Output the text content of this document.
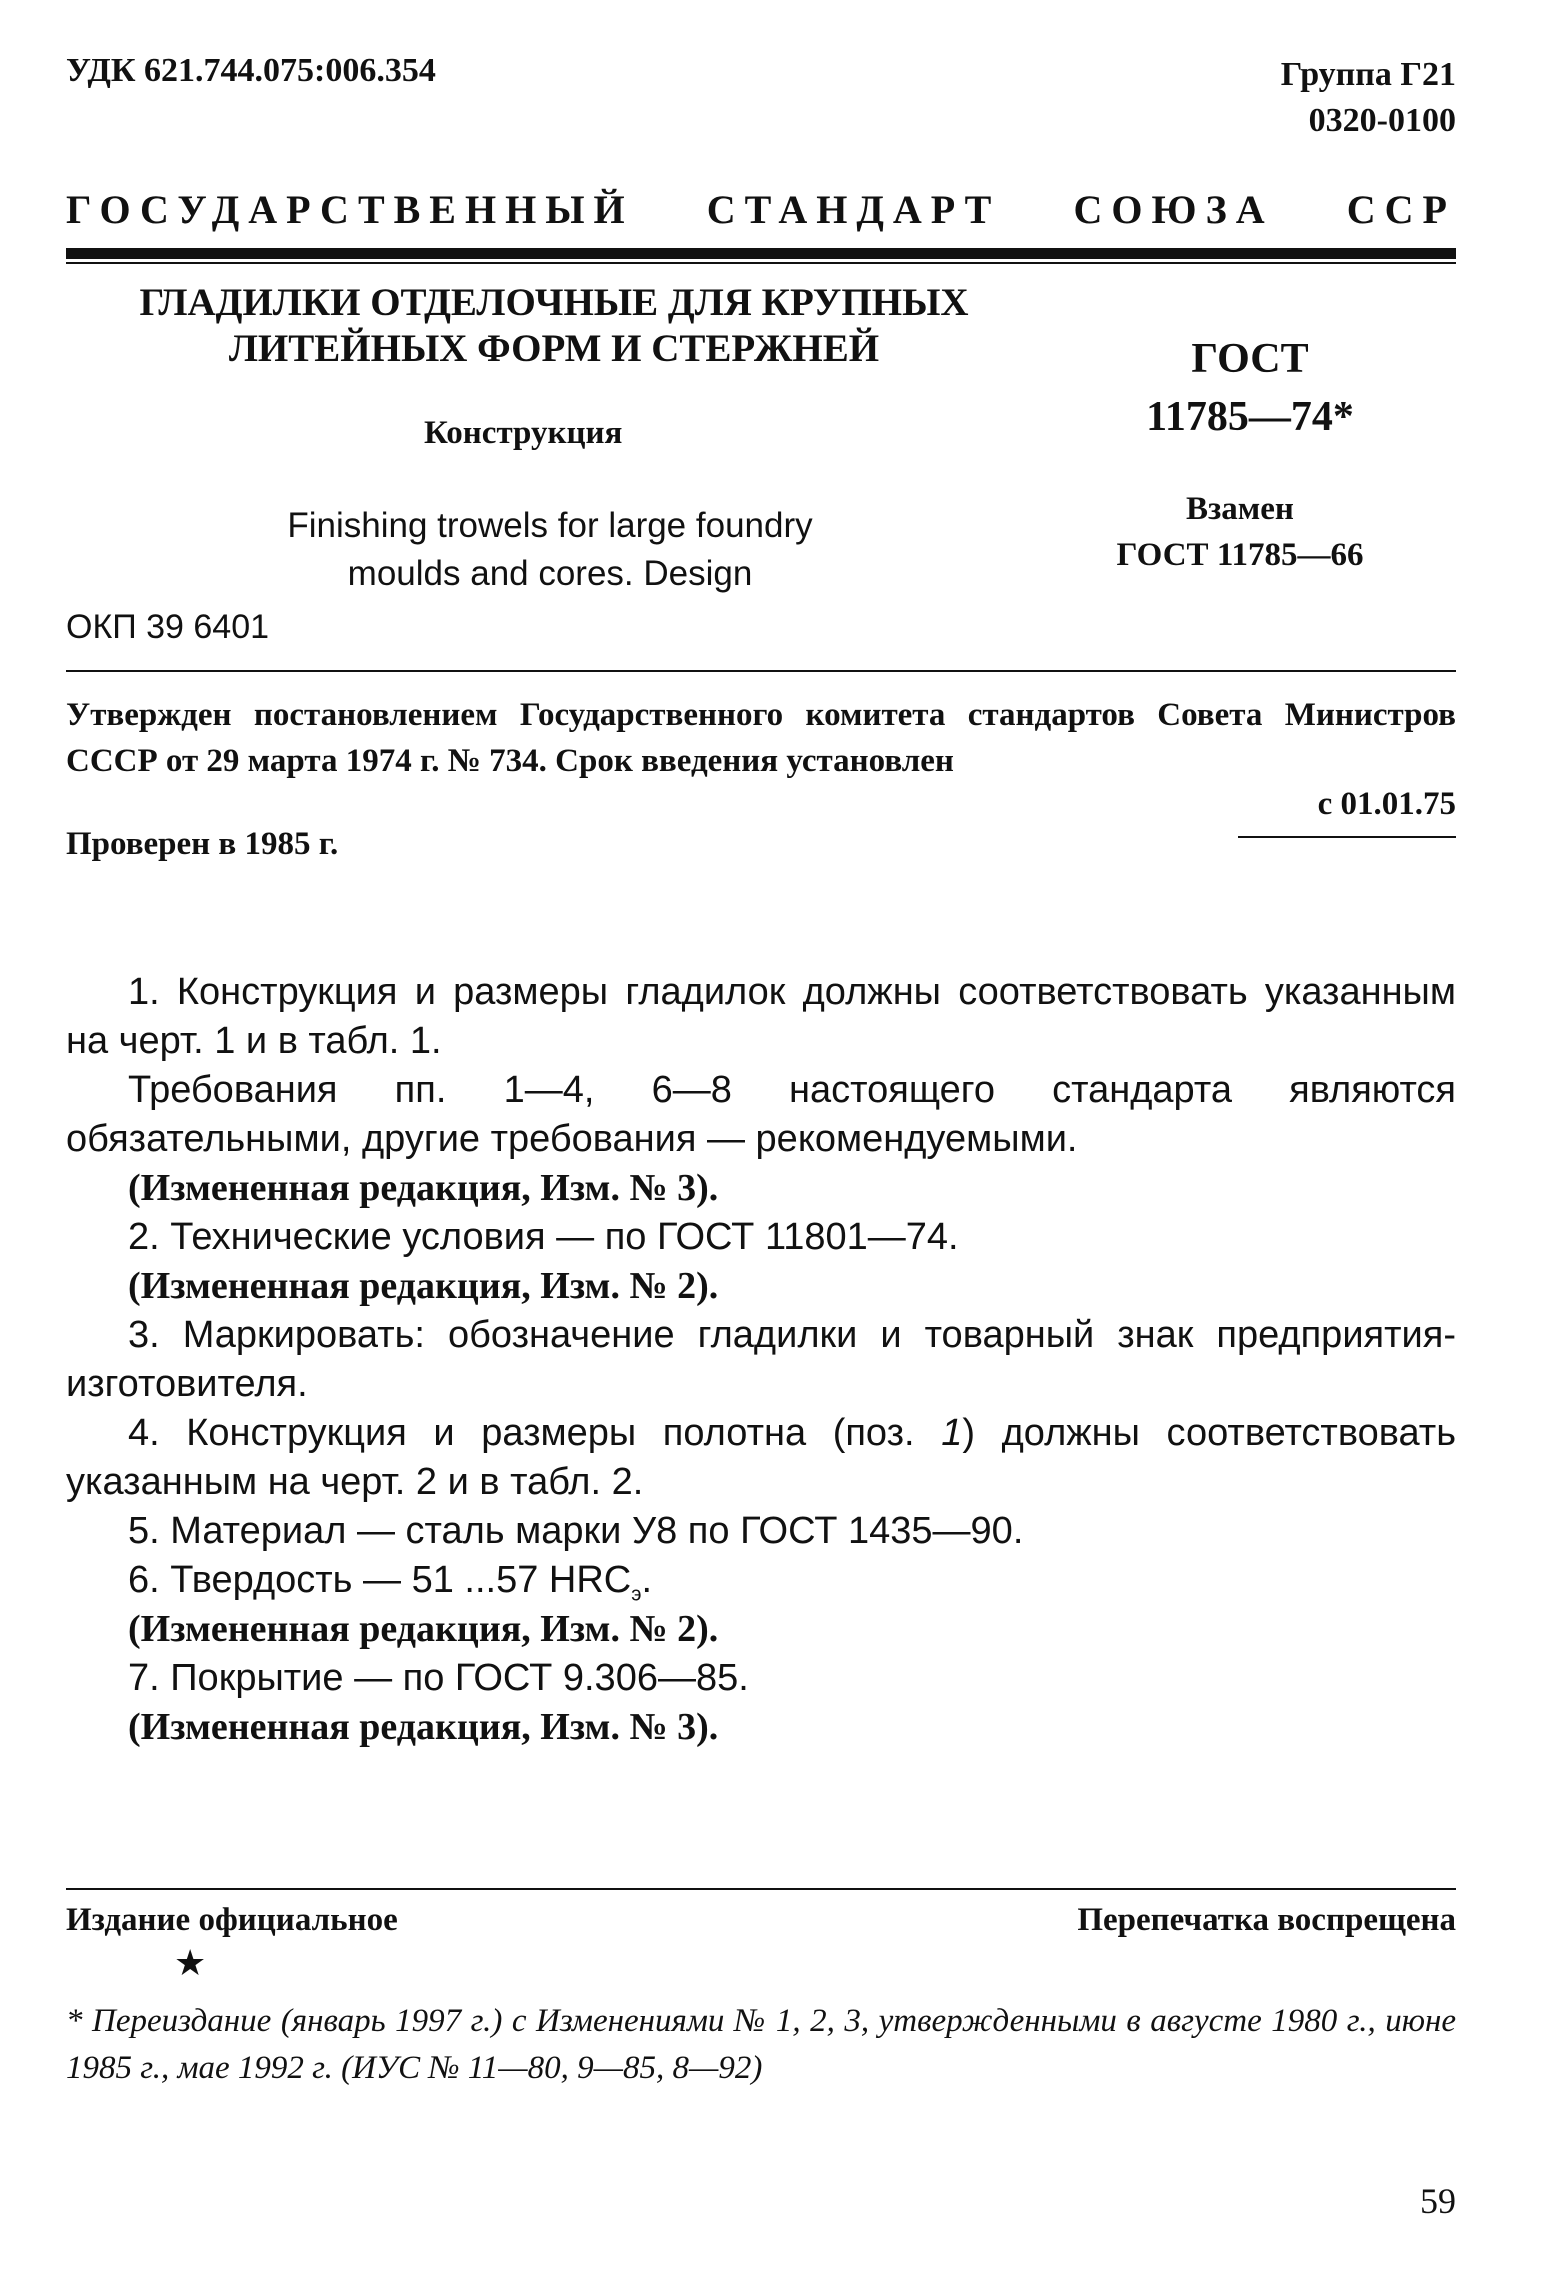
УДК 621.744.075:006.354	Группа Г21
0320-0100
ГОСУДАРСТВЕННЫЙ СТАНДАРТ СОЮЗА ССР
ГЛАДИЛКИ ОТДЕЛОЧНЫЕ ДЛЯ КРУПНЫХ
ЛИТЕЙНЫХ ФОРМ И СТЕРЖНЕЙ
Конструкция
Finishing trowels for large foundry
moulds and cores. Design
ОКП 39 6401
ГОСТ
11785—74*
Взамен
ГОСТ 11785—66
Утвержден постановлением Государственного комитета стандартов Совета Министров СССР от 29 марта 1974 г. № 734. Срок введения установлен
с 01.01.75
Проверен в 1985 г.
1. Конструкция и размеры гладилок должны соответствовать указанным на черт. 1 и в табл. 1.
Требования пп. 1—4, 6—8 настоящего стандарта являются обязательными, другие требования — рекомендуемыми.
(Измененная редакция, Изм. № 3).
2. Технические условия — по ГОСТ 11801—74.
(Измененная редакция, Изм. № 2).
3. Маркировать: обозначение гладилки и товарный знак предприятия-изготовителя.
4. Конструкция и размеры полотна (поз. 1) должны соответствовать указанным на черт. 2 и в табл. 2.
5. Материал — сталь марки У8 по ГОСТ 1435—90.
6. Твердость — 51 ...57 $HRC_э$.
(Измененная редакция, Изм. № 2).
7. Покрытие — по ГОСТ 9.306—85.
(Измененная редакция, Изм. № 3).
Издание официальное	Перепечатка воспрещена
★
* Переиздание (январь 1997 г.) с Изменениями № 1, 2, 3, утвержденными в августе 1980 г., июне 1985 г., мае 1992 г. (ИУС № 11—80, 9—85, 8—92)
59
